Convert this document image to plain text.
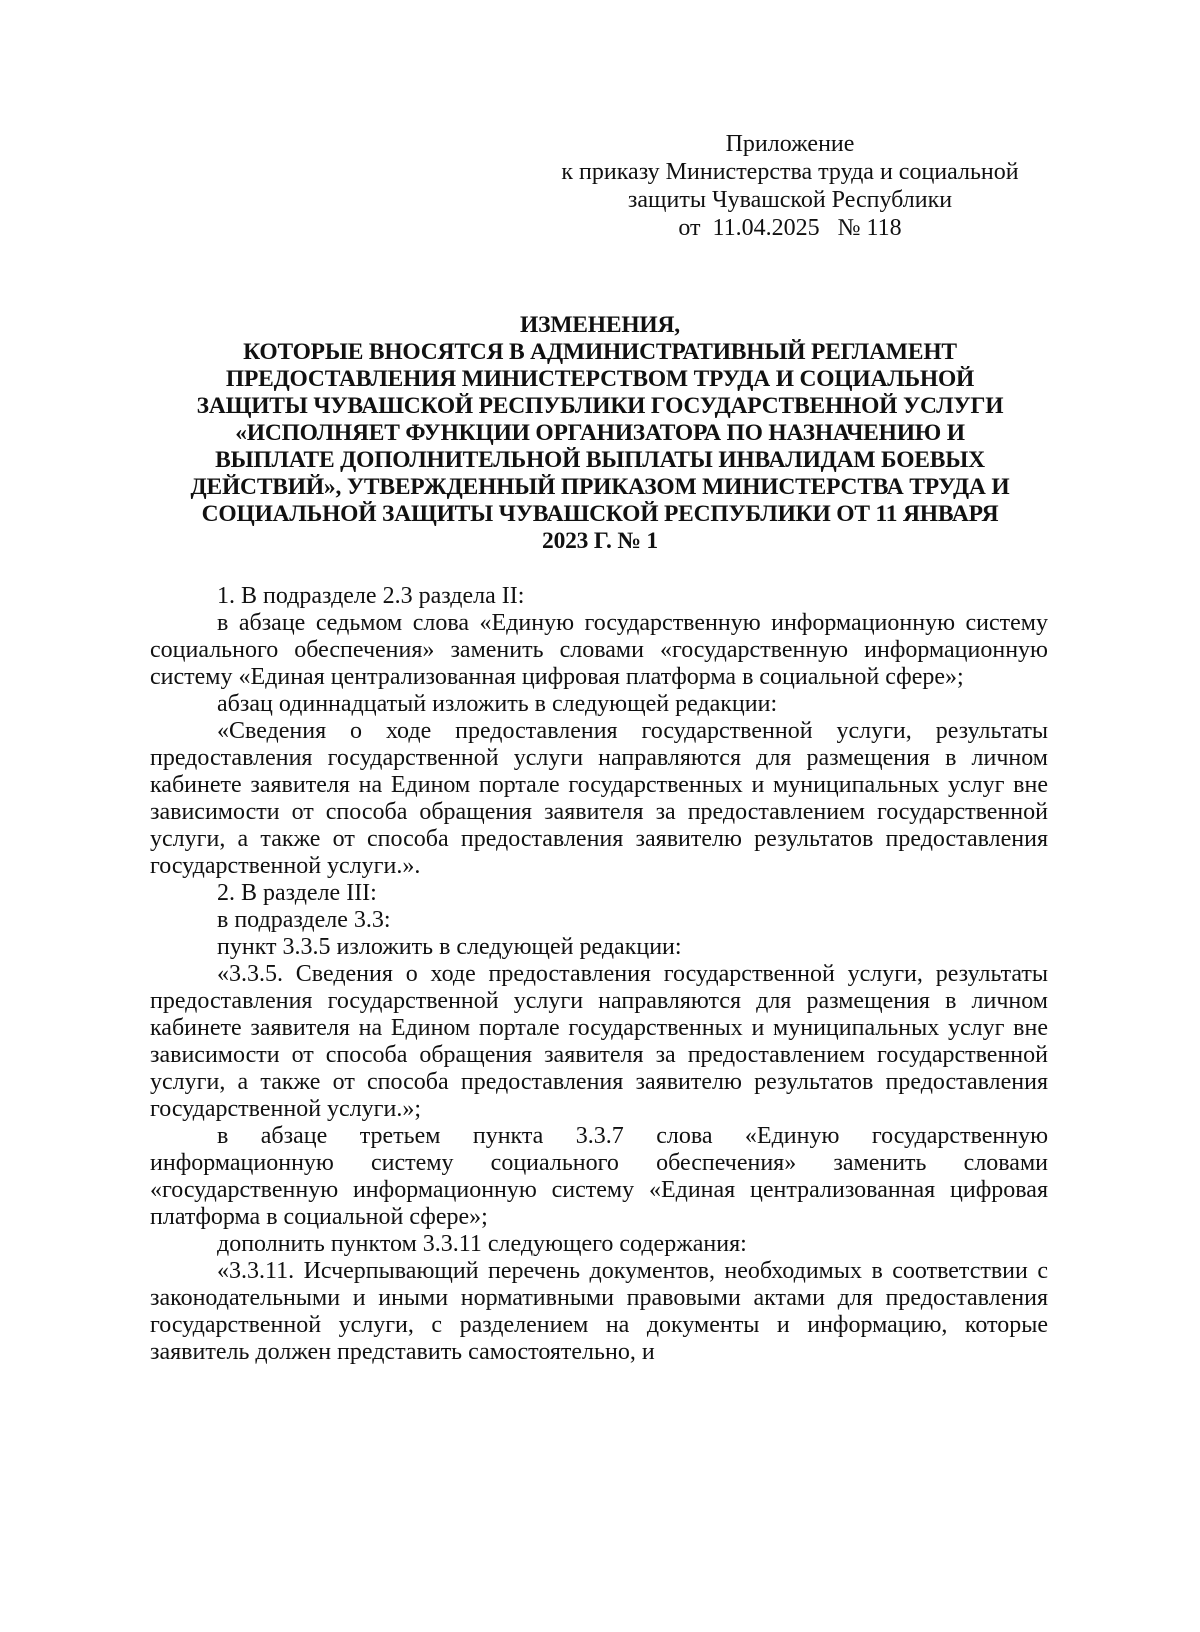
Приложение
к приказу Министерства труда и социальной
защиты Чувашской Республики
от  11.04.2025   № 118
ИЗМЕНЕНИЯ,
КОТОРЫЕ ВНОСЯТСЯ В АДМИНИСТРАТИВНЫЙ РЕГЛАМЕНТ
ПРЕДОСТАВЛЕНИЯ МИНИСТЕРСТВОМ ТРУДА И СОЦИАЛЬНОЙ
ЗАЩИТЫ ЧУВАШСКОЙ РЕСПУБЛИКИ ГОСУДАРСТВЕННОЙ УСЛУГИ
«ИСПОЛНЯЕТ ФУНКЦИИ ОРГАНИЗАТОРА ПО НАЗНАЧЕНИЮ И
ВЫПЛАТЕ ДОПОЛНИТЕЛЬНОЙ ВЫПЛАТЫ ИНВАЛИДАМ БОЕВЫХ
ДЕЙСТВИЙ», УТВЕРЖДЕННЫЙ ПРИКАЗОМ МИНИСТЕРСТВА ТРУДА И
СОЦИАЛЬНОЙ ЗАЩИТЫ ЧУВАШСКОЙ РЕСПУБЛИКИ ОТ 11 ЯНВАРЯ
2023 Г. № 1

1. В подразделе 2.3 раздела II:

в абзаце седьмом слова «Единую государственную информационную систему социального обеспечения» заменить словами «государственную информационную систему «Единая централизованная цифровая платформа в социальной сфере»;

абзац одиннадцатый изложить в следующей редакции:

«Сведения о ходе предоставления государственной услуги, результаты предоставления государственной услуги направляются для размещения в личном кабинете заявителя на Едином портале государственных и муниципальных услуг вне зависимости от способа обращения заявителя за предоставлением государственной услуги, а также от способа предоставления заявителю результатов предоставления государственной услуги.».

2. В разделе III:

в подразделе 3.3:

пункт 3.3.5 изложить в следующей редакции:

«3.3.5. Сведения о ходе предоставления государственной услуги, результаты предоставления государственной услуги направляются для размещения в личном кабинете заявителя на Едином портале государственных и муниципальных услуг вне зависимости от способа обращения заявителя за предоставлением государственной услуги, а также от способа предоставления заявителю результатов предоставления государственной услуги.»;

в абзаце третьем пункта 3.3.7 слова «Единую государственную информационную систему социального обеспечения» заменить словами «государственную информационную систему «Единая централизованная цифровая платформа в социальной сфере»;

дополнить пунктом 3.3.11 следующего содержания:

«3.3.11. Исчерпывающий перечень документов, необходимых в соответствии с законодательными и иными нормативными правовыми актами для предоставления государственной услуги, с разделением на документы и информацию, которые заявитель должен представить самостоятельно, и
